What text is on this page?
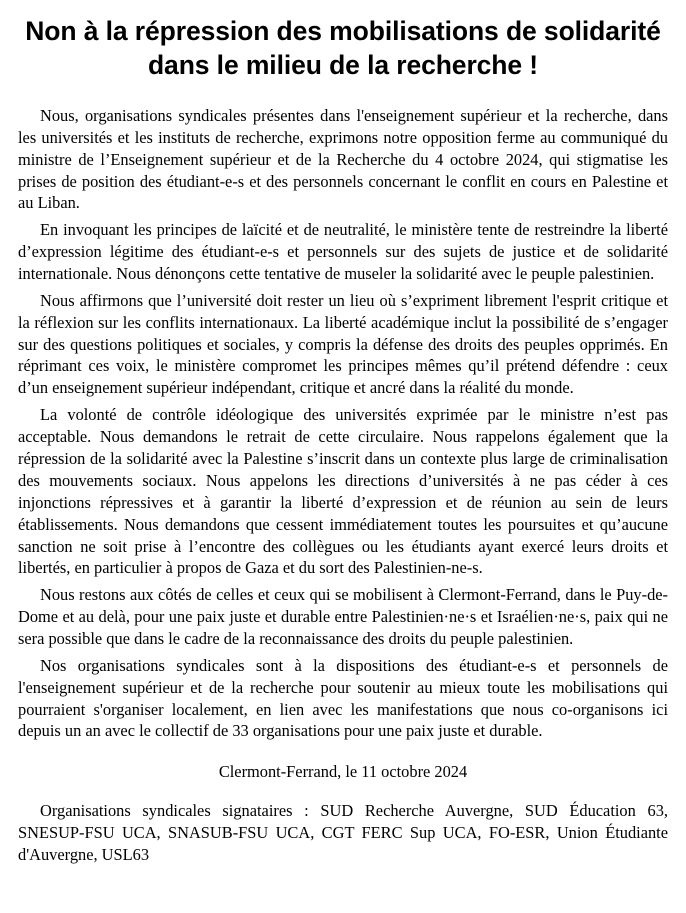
Non à la répression des mobilisations de solidarité dans le milieu de la recherche !

Nous, organisations syndicales présentes dans l'enseignement supérieur et la recherche, dans les universités et les instituts de recherche, exprimons notre opposition ferme au communiqué du ministre de l’Enseignement supérieur et de la Recherche du 4 octobre 2024, qui stigmatise les prises de position des étudiant-e-s et des personnels concernant le conflit en cours en Palestine et au Liban.

En invoquant les principes de laïcité et de neutralité, le ministère tente de restreindre la liberté d’expression légitime des étudiant-e-s et personnels sur des sujets de justice et de solidarité internationale. Nous dénonçons cette tentative de museler la solidarité avec le peuple palestinien.

Nous affirmons que l’université doit rester un lieu où s’expriment librement l'esprit critique et la réflexion sur les conflits internationaux. La liberté académique inclut la possibilité de s’engager sur des questions politiques et sociales, y compris la défense des droits des peuples opprimés. En réprimant ces voix, le ministère compromet les principes mêmes qu’il prétend défendre : ceux d’un enseignement supérieur indépendant, critique et ancré dans la réalité du monde.

La volonté de contrôle idéologique des universités exprimée par le ministre n’est pas acceptable. Nous demandons le retrait de cette circulaire. Nous rappelons également que la répression de la solidarité avec la Palestine s’inscrit dans un contexte plus large de criminalisation des mouvements sociaux. Nous appelons les directions d’universités à ne pas céder à ces injonctions répressives et à garantir la liberté d’expression et de réunion au sein de leurs établissements. Nous demandons que cessent immédiatement toutes les poursuites et qu’aucune sanction ne soit prise à l’encontre des collègues ou les étudiants ayant exercé leurs droits et libertés, en particulier à propos de Gaza et du sort des Palestinien-ne-s.

Nous restons aux côtés de celles et ceux qui se mobilisent à Clermont-Ferrand, dans le Puy-de-Dome et au delà, pour une paix juste et durable entre Palestinien·ne·s et Israélien·ne·s, paix qui ne sera possible que dans le cadre de la reconnaissance des droits du peuple palestinien.

Nos organisations syndicales sont à la dispositions des étudiant-e-s et personnels de l'enseignement supérieur et de la recherche pour soutenir au mieux toute les mobilisations qui pourraient s'organiser localement, en lien avec les manifestations que nous co-organisons ici depuis un an avec le collectif de 33 organisations pour une paix juste et durable.

Clermont-Ferrand, le 11 octobre 2024
Organisations syndicales signataires : SUD Recherche Auvergne, SUD Éducation 63, SNESUP-FSU UCA, SNASUB-FSU UCA, CGT FERC Sup UCA, FO-ESR, Union Étudiante d'Auvergne, USL63
